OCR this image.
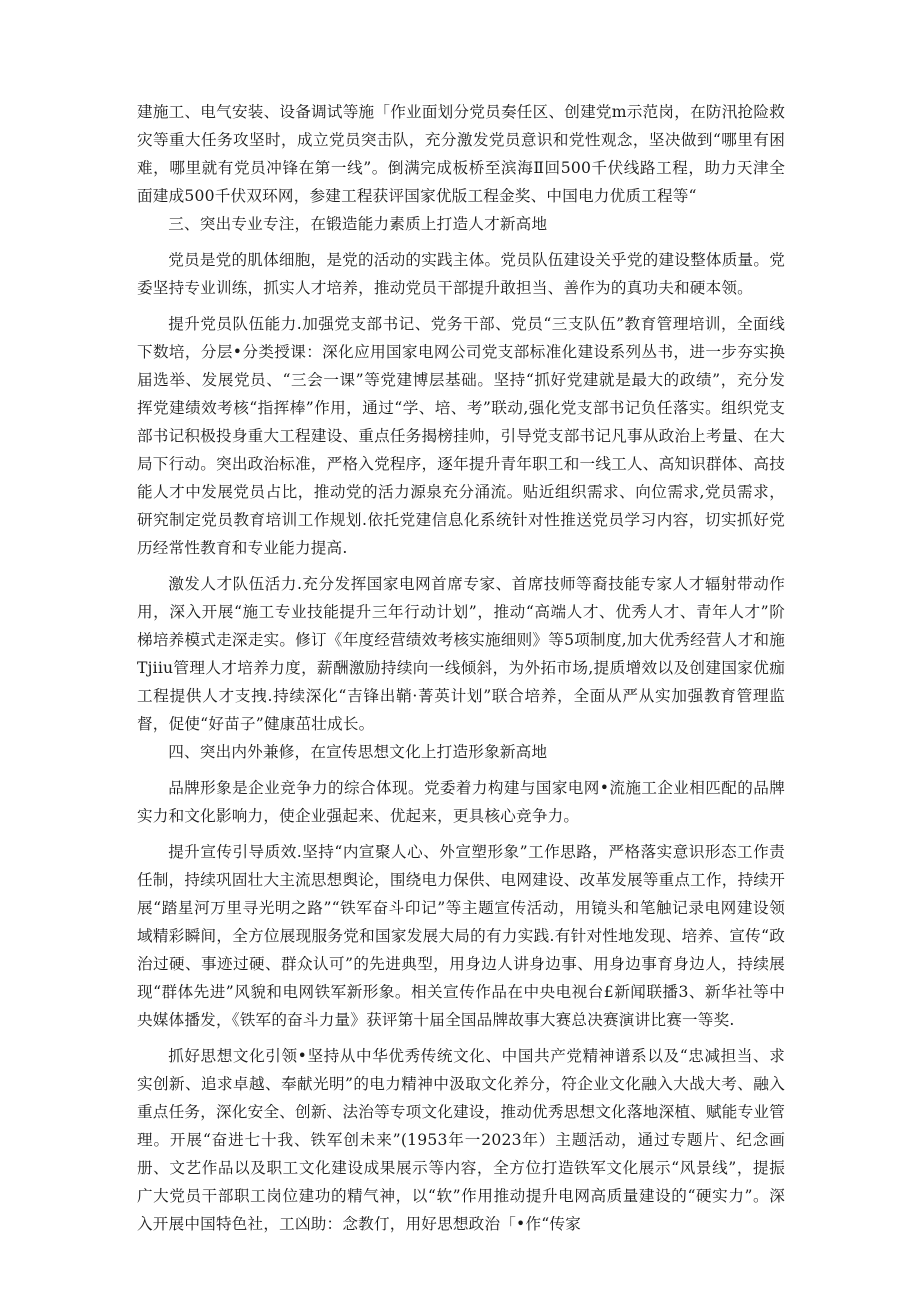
建施工、电气安装、设备调试等施「作业面划分党员奏任区、创建党m示范岗，在防汛抢险救灾等重大任务攻坚时，成立党员突击队，充分激发党员意识和党性观念，坚决做到“哪里有困难，哪里就有党员冲锋在第一线”。倒满完成板桥至滨海Ⅱ回500千伏线路工程，助力天津全面建成500千伏双环网，参建工程获评国家优版工程金奖、中国电力优质工程等“

三、突出专业专注，在锻造能力素质上打造人才新高地

党员是党的肌体细胞，是党的活动的实践主体。党员队伍建设关乎党的建设整体质量。党委坚持专业训练，抓实人才培养，推动党员干部提升敢担当、善作为的真功夫和硬本领。

提升党员队伍能力.加强党支部书记、党务干部、党员“三支队伍”教育管理培训，全面线下数培，分层•分类授课：深化应用国家电网公司党支部标准化建设系列丛书，进一步夯实换届选举、发展党员、“三会一课”等党建博层基础。坚持“抓好党建就是最大的政绩”，充分发挥党建绩效考核“指挥棒”作用，通过“学、培、考”联动,强化党支部书记负任落实。组织党支部书记积极投身重大工程建设、重点任务揭榜挂帅，引导党支部书记凡事从政治上考量、在大局下行动。突出政治标准，严格入党程序，逐年提升青年职工和一线工人、高知识群体、高技能人才中发展党员占比，推动党的活力源泉充分涌流。贴近组织需求、向位需求,党员需求，研究制定党员教育培训工作规划.依托党建信息化系统针对性推送党员学习内容，切实抓好党历经常性教育和专业能力提高.

激发人才队伍活力.充分发挥国家电网首席专家、首席技师等裔技能专家人才辐射带动作用，深入开展“施工专业技能提升三年行动计划”，推动“高端人才、优秀人才、青年人才”阶梯培养模式走深走实。修订《年度经营绩效考核实施细则》等5项制度,加大优秀经营人才和施Tjiiu管理人才培养力度，薪酬激励持续向一线倾斜，为外拓市场,提质增效以及创建国家优痂工程提供人才支拽.持续深化“吉锋出鞘·菁英计划”联合培养，全面从严从实加强教育管理监督，促使“好苗子”健康茁壮成长。

四、突出内外兼修，在宣传思想文化上打造形象新高地

品牌形象是企业竞争力的综合体现。党委着力构建与国家电网•流施工企业相匹配的品牌实力和文化影响力，使企业强起来、优起来，更具核心竞争力。

提升宣传引导质效.坚持“内宣聚人心、外宣塑形象”工作思路，严格落实意识形态工作责任制，持续巩固壮大主流思想舆论，围绕电力保供、电网建设、改革发展等重点工作，持续开展“踏星河万里寻光明之路”“铁军奋斗印记”等主题宣传活动，用镜头和笔触记录电网建设领域精彩瞬间，全方位展现服务党和国家发展大局的有力实践.有针对性地发现、培养、宣传“政治过硬、事迹过硬、群众认可”的先进典型，用身边人讲身边事、用身边事育身边人，持续展现“群体先进”风貌和电网铁军新形象。相关宣传作品在中央电视台£新闻联播3、新华社等中央媒体播发，《铁军的奋斗力量》获评第十届全国品牌故事大赛总决赛演讲比赛一等奖.

抓好思想文化引领•坚持从中华优秀传统文化、中国共产党精神谱系以及“忠减担当、求实创新、追求卓越、奉献光明”的电力精神中汲取文化养分，符企业文化融入大战大考、融入重点任务，深化安全、创新、法治等专项文化建设，推动优秀思想文化落地深植、赋能专业管理。开展“奋进七十我、铁军创未来”(1953年一2023年）主题活动，通过专题片、纪念画册、文艺作品以及职工文化建设成果展示等内容，全方位打造铁军文化展示“风景线”，提振广大党员干部职工岗位建功的精气神，以“软”作用推动提升电网高质量建设的“硬实力”。深入开展中国特色社，工凶助：念教仃，用好思想政治「•作“传家
